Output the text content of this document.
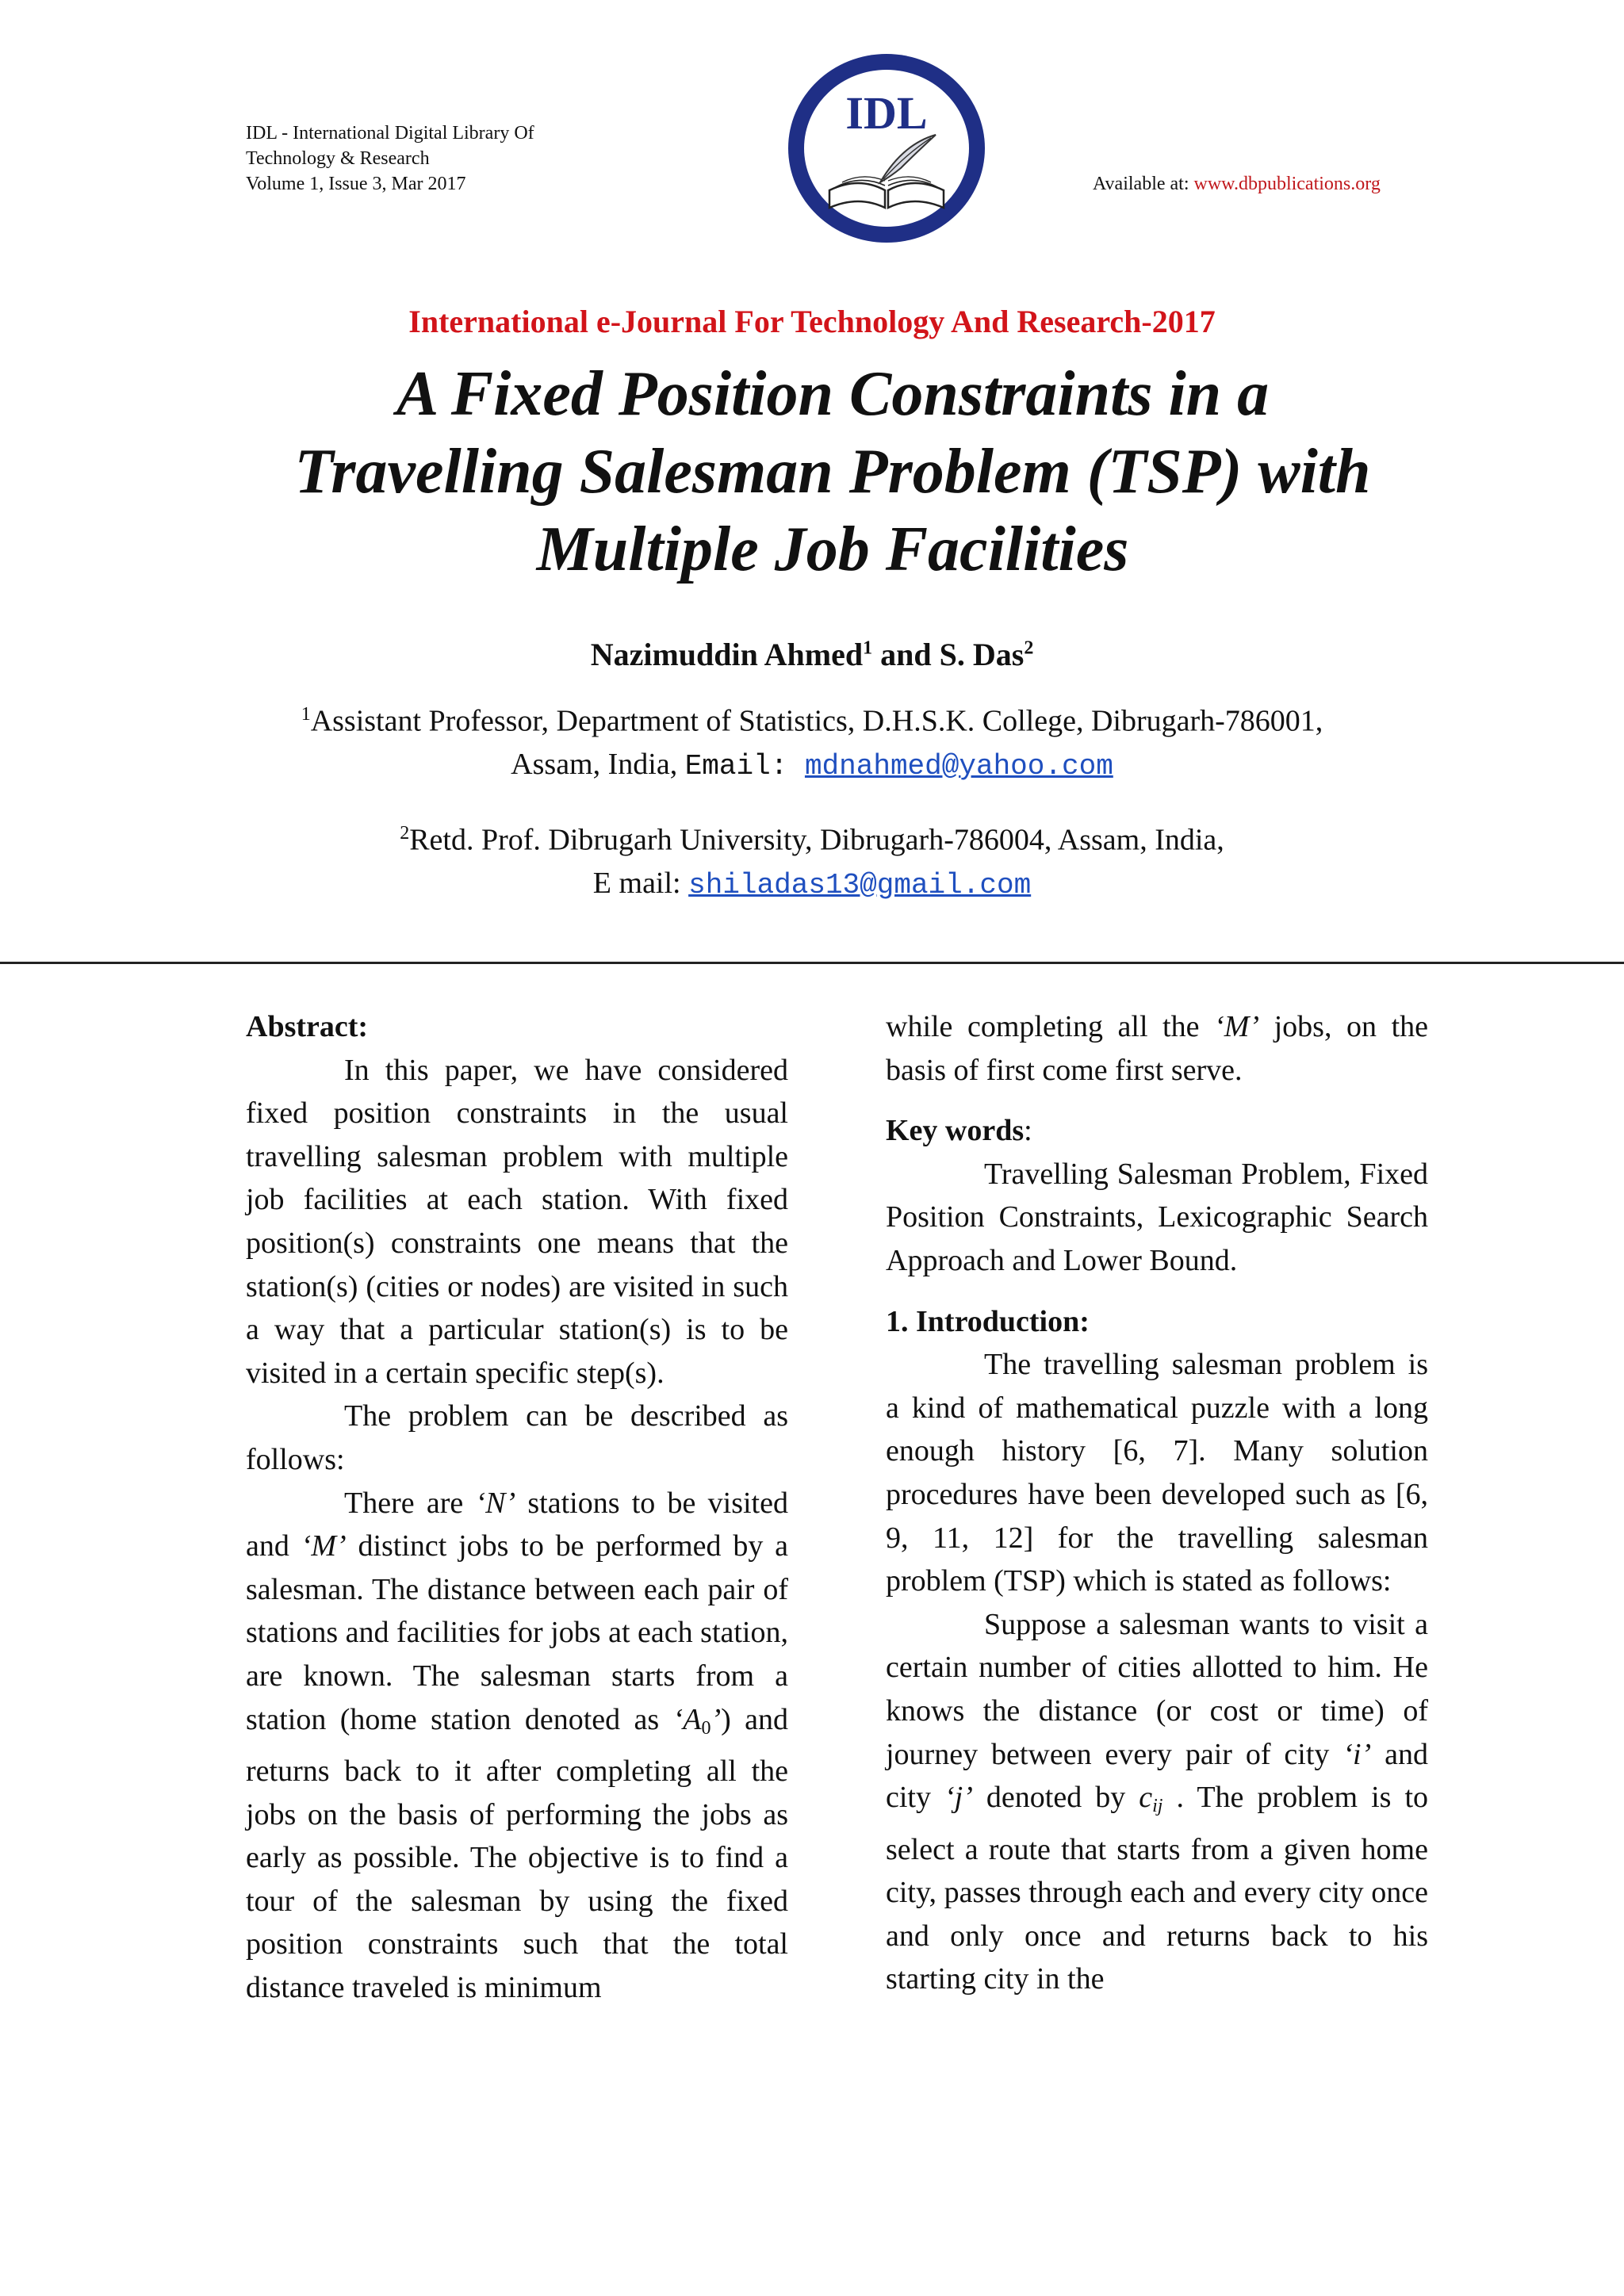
IDL - International Digital Library Of
Technology & Research
Volume 1, Issue 3, Mar 2017
IDL
Available at: www.dbpublications.org
International e-Journal For Technology And Research-2017
A Fixed Position Constraints in a
Travelling Salesman Problem (TSP) with
Multiple Job Facilities
Nazimuddin Ahmed$^1$ and S. Das$^2$
$^1$Assistant Professor, Department of Statistics, D.H.S.K. College, Dibrugarh-786001,
Assam, India, Email: mdnahmed@yahoo.com
$^2$Retd. Prof. Dibrugarh University, Dibrugarh-786004, Assam, India,
E mail: shiladas13@gmail.com

Abstract:

In this paper, we have considered fixed position constraints in the usual travelling salesman problem with multiple job facilities at each station. With fixed position(s) constraints one means that the station(s) (cities or nodes) are visited in such a way that a particular station(s) is to be visited in a certain specific step(s).

The problem can be described as follows:

There are ‘N’ stations to be visited and ‘M’ distinct jobs to be performed by a salesman. The distance between each pair of stations and facilities for jobs at each station, are known. The salesman starts from a station (home station denoted as ‘$A_0$’) and returns back to it after completing all the jobs on the basis of performing the jobs as early as possible. The objective is to find a tour of the salesman by using the fixed position constraints such that the total distance traveled is minimum

while completing all the ‘M’ jobs, on the basis of first come first serve.

Key words:

Travelling Salesman Problem, Fixed Position Constraints, Lexicographic Search Approach and Lower Bound.

1. Introduction:

The travelling salesman problem is a kind of mathematical puzzle with a long enough history [6, 7]. Many solution procedures have been developed such as [6, 9, 11, 12] for the travelling salesman problem (TSP) which is stated as follows:

Suppose a salesman wants to visit a certain number of cities allotted to him. He knows the distance (or cost or time) of journey between every pair of city ‘i’ and city ‘j’ denoted by $c_{ij}$ . The problem is to select a route that starts from a given home city, passes through each and every city once and only once and returns back to his starting city in the
